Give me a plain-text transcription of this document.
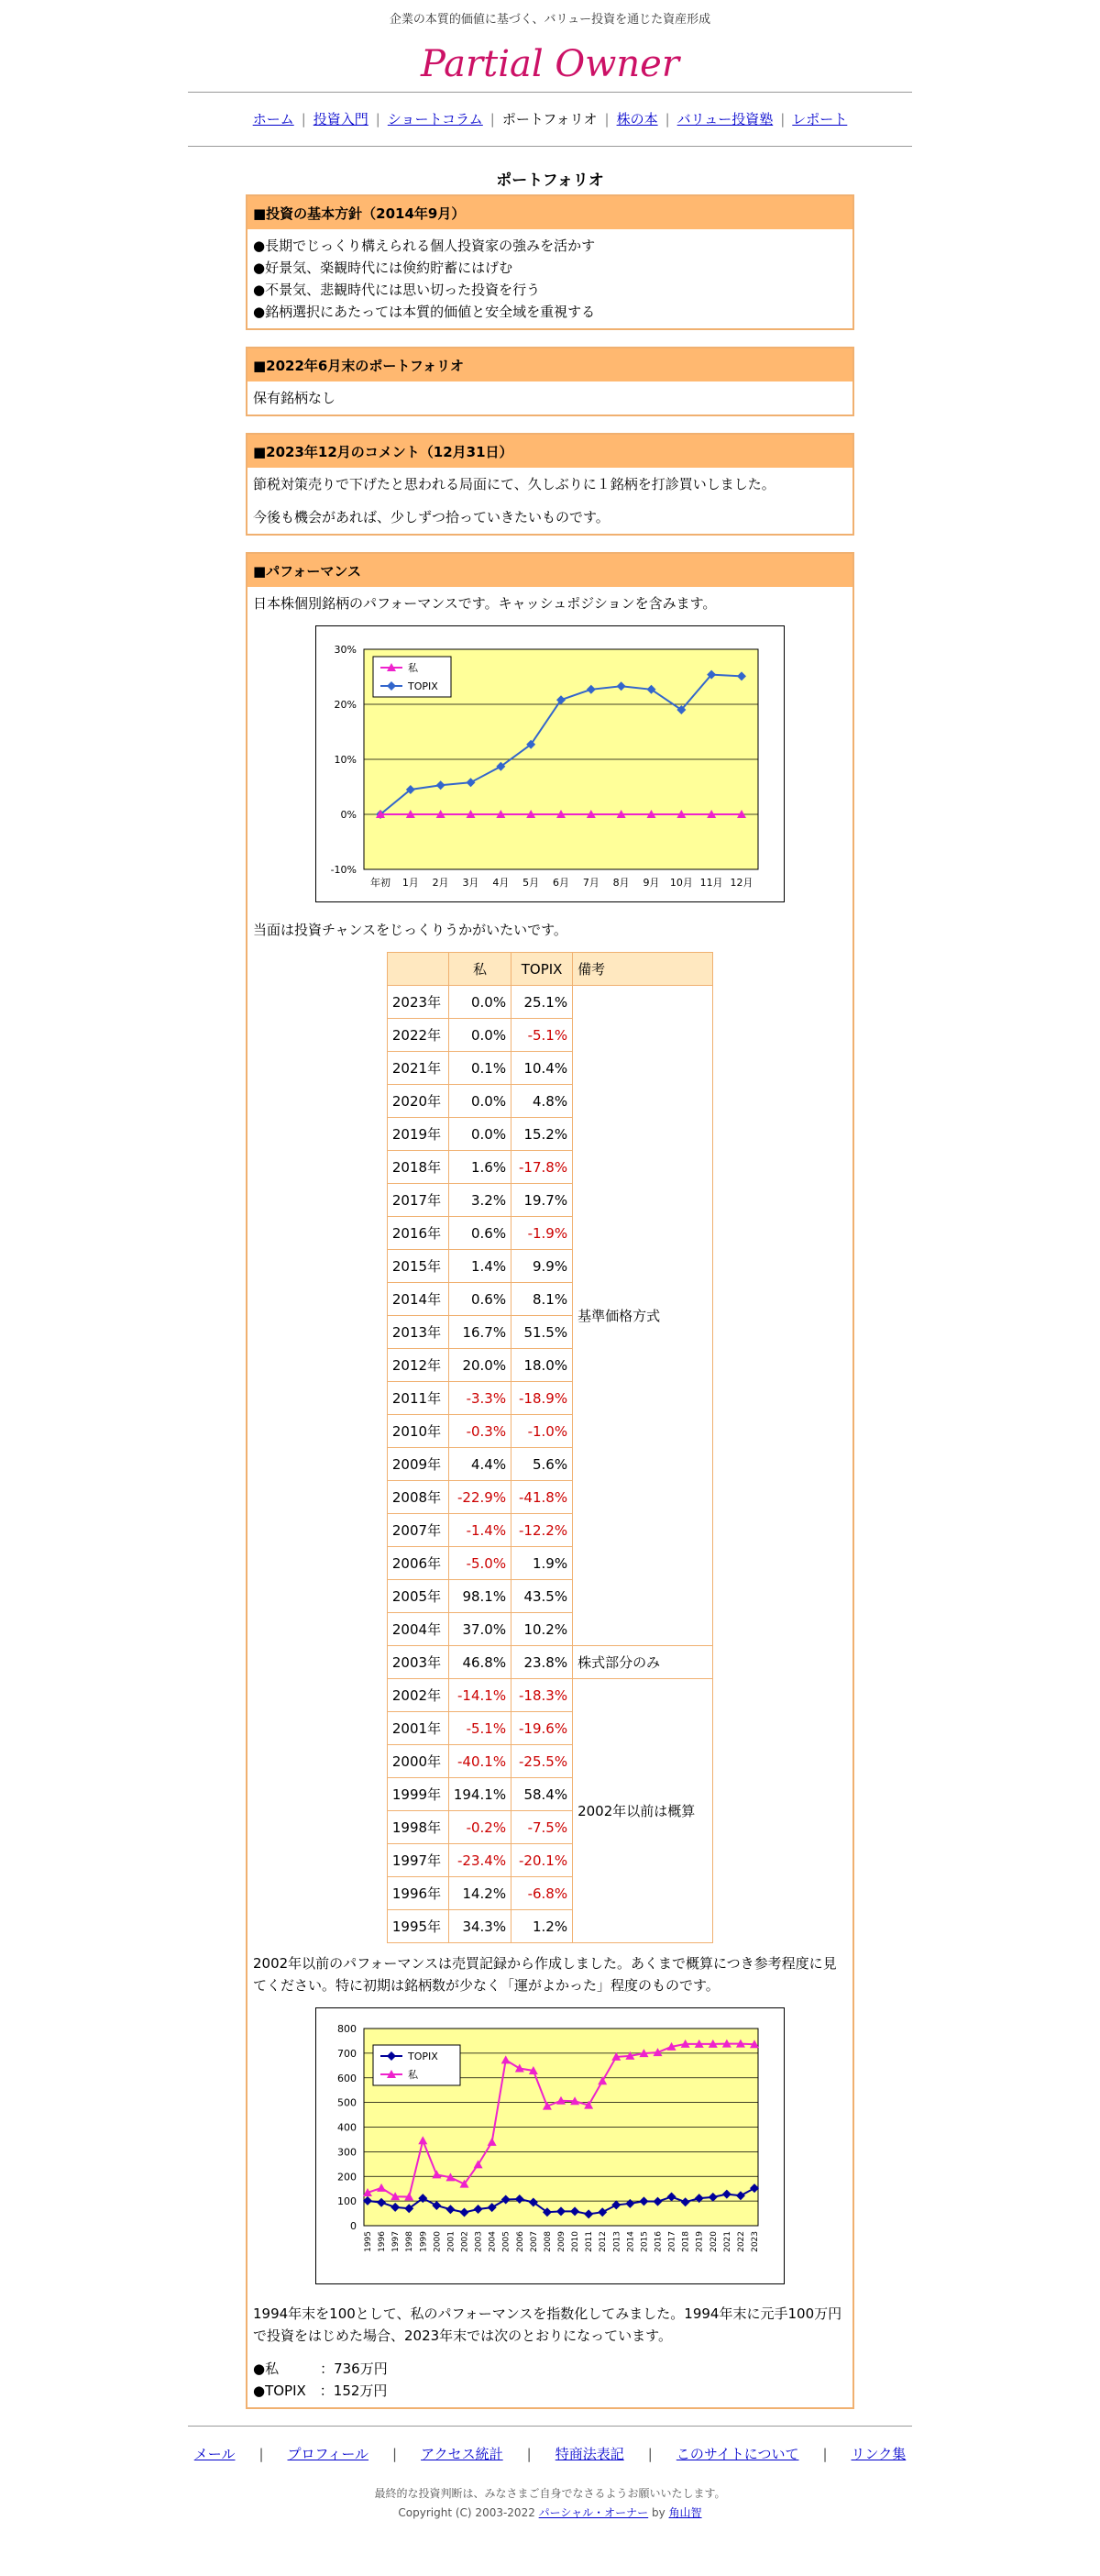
企業の本質的価値に基づく、バリュー投資を通じた資産形成
Partial Owner
ホーム | 投資入門 | ショートコラム | ポートフォリオ | 株の本 | バリュー投資塾 | レポート
ポートフォリオ
■投資の基本方針（2014年9月）
●長期でじっくり構えられる個人投資家の強みを活かす
●好景気、楽観時代には倹約貯蓄にはげむ
●不景気、悲観時代には思い切った投資を行う
●銘柄選択にあたっては本質的価値と安全域を重視する
■2022年6月末のポートフォリオ
保有銘柄なし
■2023年12月のコメント（12月31日）

節税対策売りで下げたと思われる局面にて、久しぶりに１銘柄を打診買いしました。

今後も機会があれば、少しずつ拾っていきたいものです。

■パフォーマンス

日本株個別銘柄のパフォーマンスです。キャッシュポジションを含みます。

30%
20%
10%
0%
-10%
年初 1月 2月 3月 4月 5月 6月 7月 8月 9月 10月 11月 12月
私
TOPIX

当面は投資チャンスをじっくりうかがいたいです。

	私	TOPIX	備考
2023年	0.0%	25.1%	基準価格方式
2022年	0.0%	-5.1%	
2021年	0.1%	10.4%	
2020年	0.0%	4.8%	
2019年	0.0%	15.2%	
2018年	1.6%	-17.8%	
2017年	3.2%	19.7%	
2016年	0.6%	-1.9%	
2015年	1.4%	9.9%	
2014年	0.6%	8.1%	
2013年	16.7%	51.5%	
2012年	20.0%	18.0%	
2011年	-3.3%	-18.9%	
2010年	-0.3%	-1.0%	
2009年	4.4%	5.6%	
2008年	-22.9%	-41.8%	
2007年	-1.4%	-12.2%	
2006年	-5.0%	1.9%	
2005年	98.1%	43.5%	
2004年	37.0%	10.2%	
2003年	46.8%	23.8%	株式部分のみ
2002年	-14.1%	-18.3%	2002年以前は概算
2001年	-5.1%	-19.6%	
2000年	-40.1%	-25.5%	
1999年	194.1%	58.4%	
1998年	-0.2%	-7.5%	
1997年	-23.4%	-20.1%	
1996年	14.2%	-6.8%	
1995年	34.3%	1.2%	

2002年以前のパフォーマンスは売買記録から作成しました。あくまで概算につき参考程度に見てください。特に初期は銘柄数が少なく「運がよかった」程度のものです。

800
700
600
500
400
300
200
100
0
1995 1996 1997 1998 1999 2000 2001 2002 2003 2004 2005 2006 2007 2008 2009 2010 2011 2012 2013 2014 2015 2016 2017 2018 2019 2020 2021 2022 2023
TOPIX
私

1994年末を100として、私のパフォーマンスを指数化してみました。1994年末に元手100万円で投資をはじめた場合、2023年末では次のとおりになっています。

●私　　　：736万円
●TOPIX　：152万円
メール | プロフィール | アクセス統計 | 特商法表記 | このサイトについて | リンク集
最終的な投資判断は、みなさまご自身でなさるようお願いいたします。
Copyright (C) 2003-2022 パーシャル・オーナー by 角山智
